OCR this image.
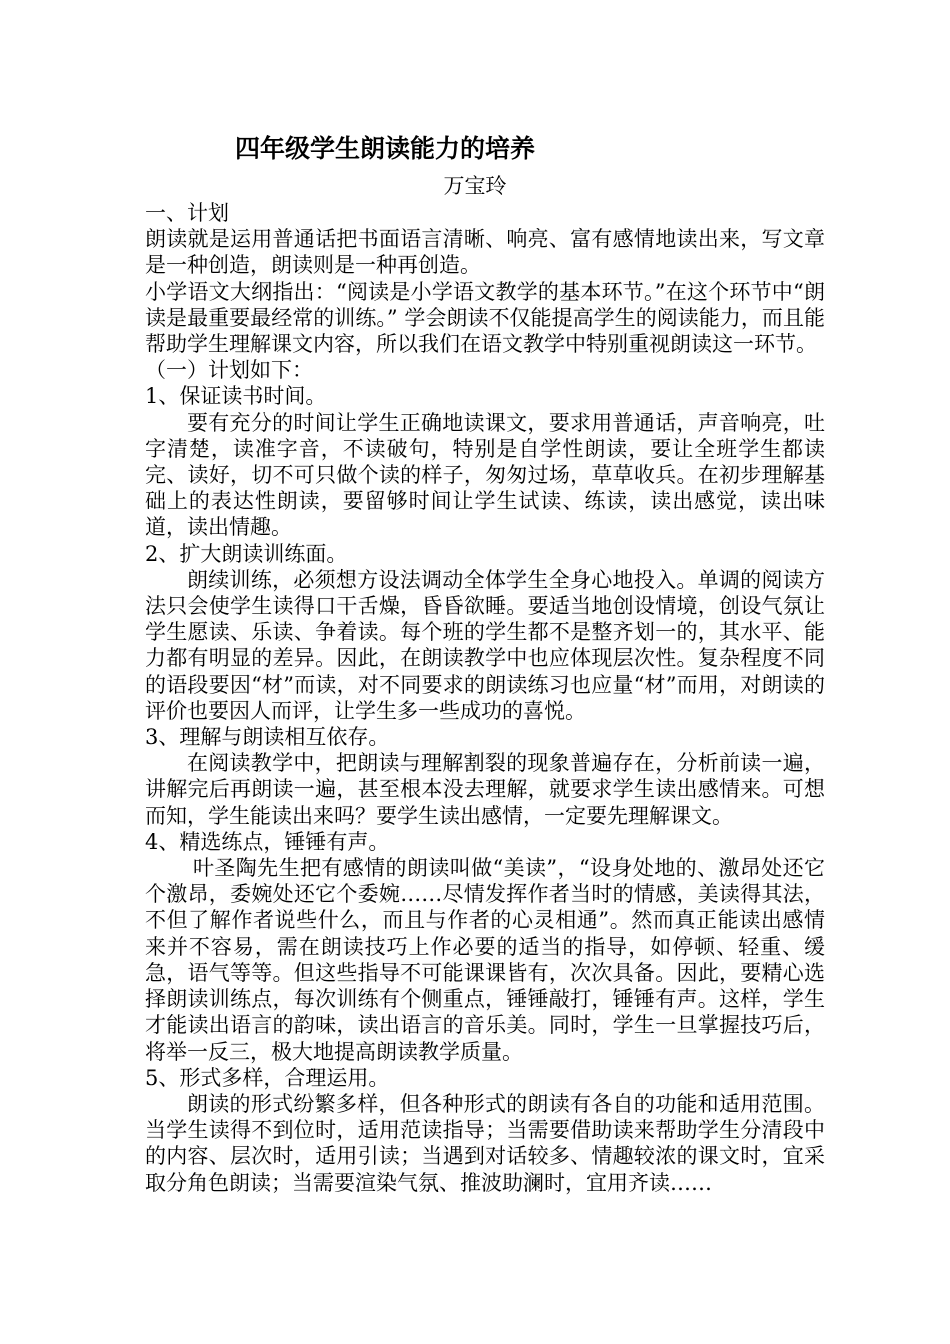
四年级学生朗读能力的培养
万宝玲

一、计划

朗读就是运用普通话把书面语言清晰、响亮、富有感情地读出来，写文章是一种创造，朗读则是一种再创造。

小学语文大纲指出：“阅读是小学语文教学的基本环节。”在这个环节中“朗读是最重要最经常的训练。” 学会朗读不仅能提高学生的阅读能力，而且能帮助学生理解课文内容，所以我们在语文教学中特别重视朗读这一环节。

（一）计划如下：

1、保证读书时间。

要有充分的时间让学生正确地读课文，要求用普通话，声音响亮，吐字清楚，读准字音，不读破句，特别是自学性朗读，要让全班学生都读完、读好，切不可只做个读的样子，匆匆过场，草草收兵。在初步理解基础上的表达性朗读，要留够时间让学生试读、练读，读出感觉，读出味道，读出情趣。

2、扩大朗读训练面。

朗续训练，必须想方设法调动全体学生全身心地投入。单调的阅读方法只会使学生读得口干舌燥，昏昏欲睡。要适当地创设情境，创设气氛让学生愿读、乐读、争着读。每个班的学生都不是整齐划一的，其水平、能力都有明显的差异。因此，在朗读教学中也应体现层次性。复杂程度不同的语段要因“材”而读，对不同要求的朗读练习也应量“材”而用，对朗读的评价也要因人而评，让学生多一些成功的喜悦。

3、理解与朗读相互依存。

在阅读教学中，把朗读与理解割裂的现象普遍存在，分析前读一遍，讲解完后再朗读一遍，甚至根本没去理解，就要求学生读出感情来。可想而知，学生能读出来吗？要学生读出感情，一定要先理解课文。

4、精选练点，锤锤有声。

叶圣陶先生把有感情的朗读叫做“美读”，“设身处地的、激昂处还它个激昂，委婉处还它个委婉……尽情发挥作者当时的情感，美读得其法，不但了解作者说些什么，而且与作者的心灵相通”。然而真正能读出感情来并不容易，需在朗读技巧上作必要的适当的指导，如停顿、轻重、缓急，语气等等。但这些指导不可能课课皆有，次次具备。因此，要精心选择朗读训练点，每次训练有个侧重点，锤锤敲打，锤锤有声。这样，学生才能读出语言的韵味，读出语言的音乐美。同时，学生一旦掌握技巧后，将举一反三，极大地提高朗读教学质量。

5、形式多样，合理运用。

朗读的形式纷繁多样，但各种形式的朗读有各自的功能和适用范围。当学生读得不到位时，适用范读指导；当需要借助读来帮助学生分清段中的内容、层次时，适用引读；当遇到对话较多、情趣较浓的课文时，宜采取分角色朗读；当需要渲染气氛、推波助澜时，宜用齐读……
